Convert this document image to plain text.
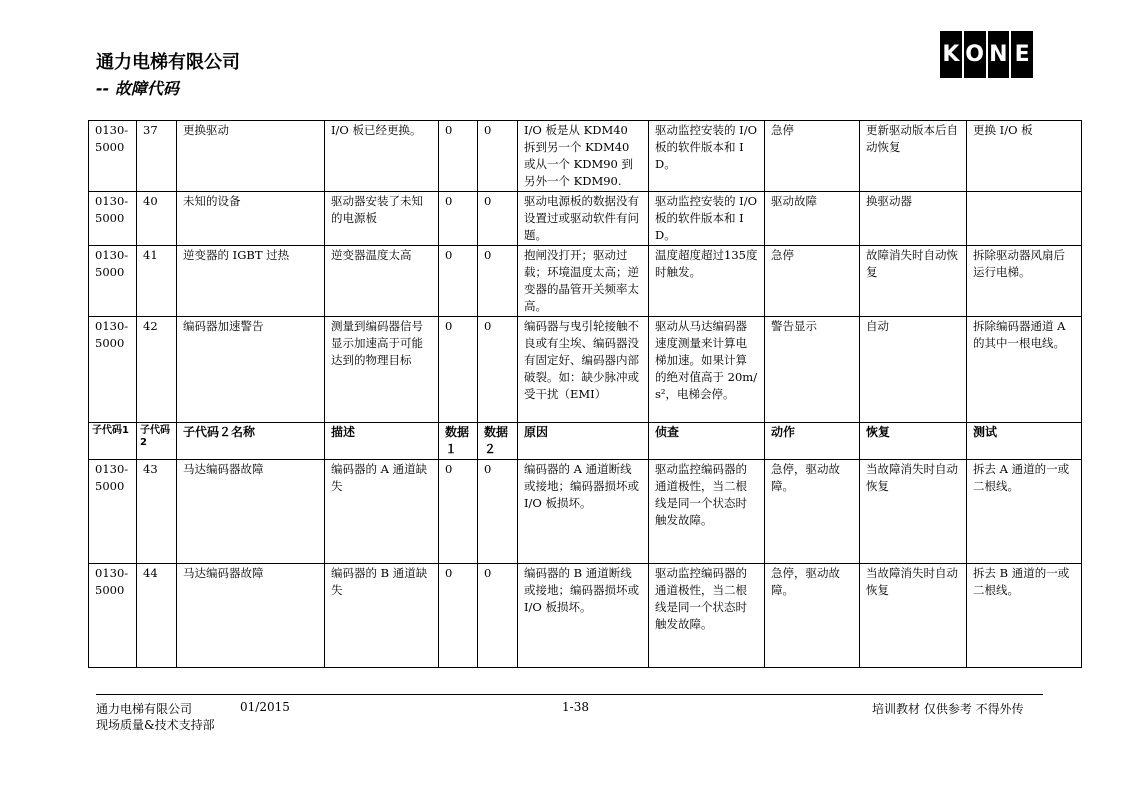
通力电梯有限公司
-- 故障代码
K O N E
0130-5000	37	更换驱动	I/O 板已经更换。	0	0	I/O 板是从 KDM40 拆到另一个 KDM40 或从一个 KDM90 到另外一个 KDM90.	驱动监控安装的 I/O板的软件版本和 ID。	急停	更新驱动版本后自动恢复	更换 I/O 板
0130-5000	40	未知的设备	驱动器安装了未知的电源板	0	0	驱动电源板的数据没有设置过或驱动软件有问题。	驱动监控安装的 I/O板的软件版本和 ID。	驱动故障	换驱动器	
0130-5000	41	逆变器的 IGBT 过热	逆变器温度太高	0	0	抱闸没打开；驱动过载；环境温度太高；逆变器的晶管开关频率太高。	温度超度超过135度时触发。	急停	故障消失时自动恢复	拆除驱动器风扇后运行电梯。
0130-5000	42	编码器加速警告	测量到编码器信号显示加速高于可能达到的物理目标	0	0	编码器与曳引轮接触不良或有尘埃、编码器没有固定好、编码器内部破裂。如：缺少脉冲或受干扰（EMI）	驱动从马达编码器速度测量来计算电梯加速。如果计算的绝对值高于 20m/s²，电梯会停。	警告显示	自动	拆除编码器通道 A 的其中一根电线。
子代码1	子代码2	子代码２名称	描述	数据１	数据２	原因	侦查	动作	恢复	测试
0130-5000	43	马达编码器故障	编码器的 A 通道缺失	0	0	编码器的 A 通道断线或接地；编码器损坏或 I/O 板损坏。	驱动监控编码器的通道极性，当二根线是同一个状态时触发故障。	急停，驱动故障。	当故障消失时自动恢复	拆去 A 通道的一或二根线。
0130-5000	44	马达编码器故障	编码器的 B 通道缺失	0	0	编码器的 B 通道断线或接地；编码器损坏或 I/O 板损坏。	驱动监控编码器的通道极性，当二根线是同一个状态时触发故障。	急停，驱动故障。	当故障消失时自动恢复	拆去 B 通道的一或二根线。
通力电梯有限公司	01/2015	1-38	培训教材 仅供参考 不得外传
现场质量&技术支持部
